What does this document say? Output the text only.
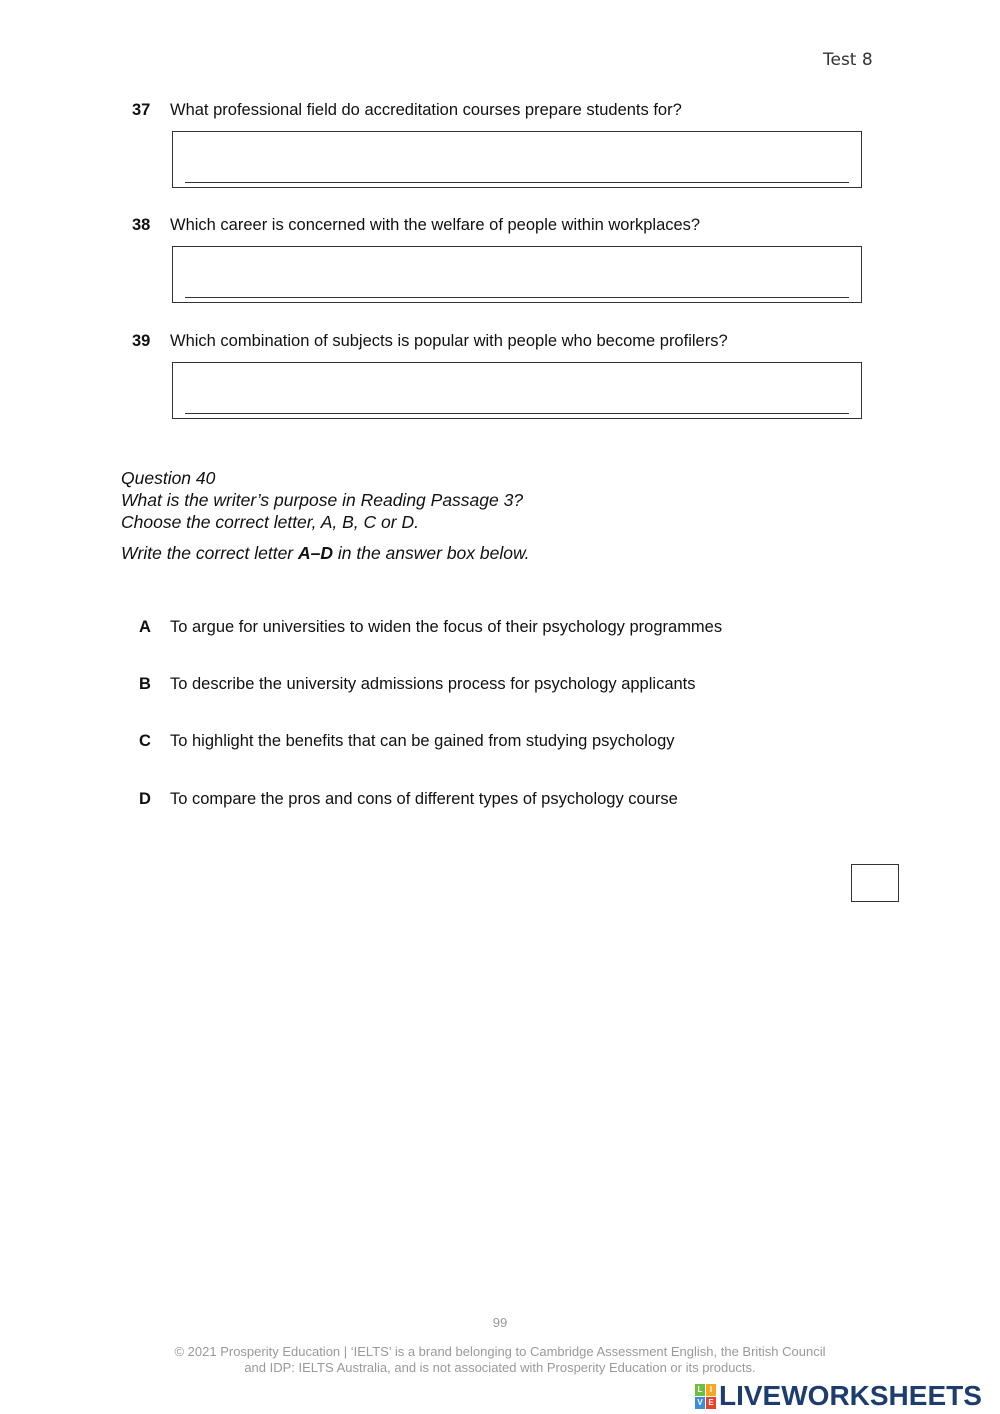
Test 8
37 What professional field do accreditation courses prepare students for?
38 Which career is concerned with the welfare of people within workplaces?
39 Which combination of subjects is popular with people who become profilers?
Question 40
What is the writer’s purpose in Reading Passage 3?
Choose the correct letter, A, B, C or D.
Write the correct letter A–D in the answer box below.
A To argue for universities to widen the focus of their psychology programmes
B To describe the university admissions process for psychology applicants
C To highlight the benefits that can be gained from studying psychology
D To compare the pros and cons of different types of psychology course
99
© 2021 Prosperity Education | ‘IELTS’ is a brand belonging to Cambridge Assessment English, the British Council
and IDP: IELTS Australia, and is not associated with Prosperity Education or its products.
L I
V E LIVEWORKSHEETS
